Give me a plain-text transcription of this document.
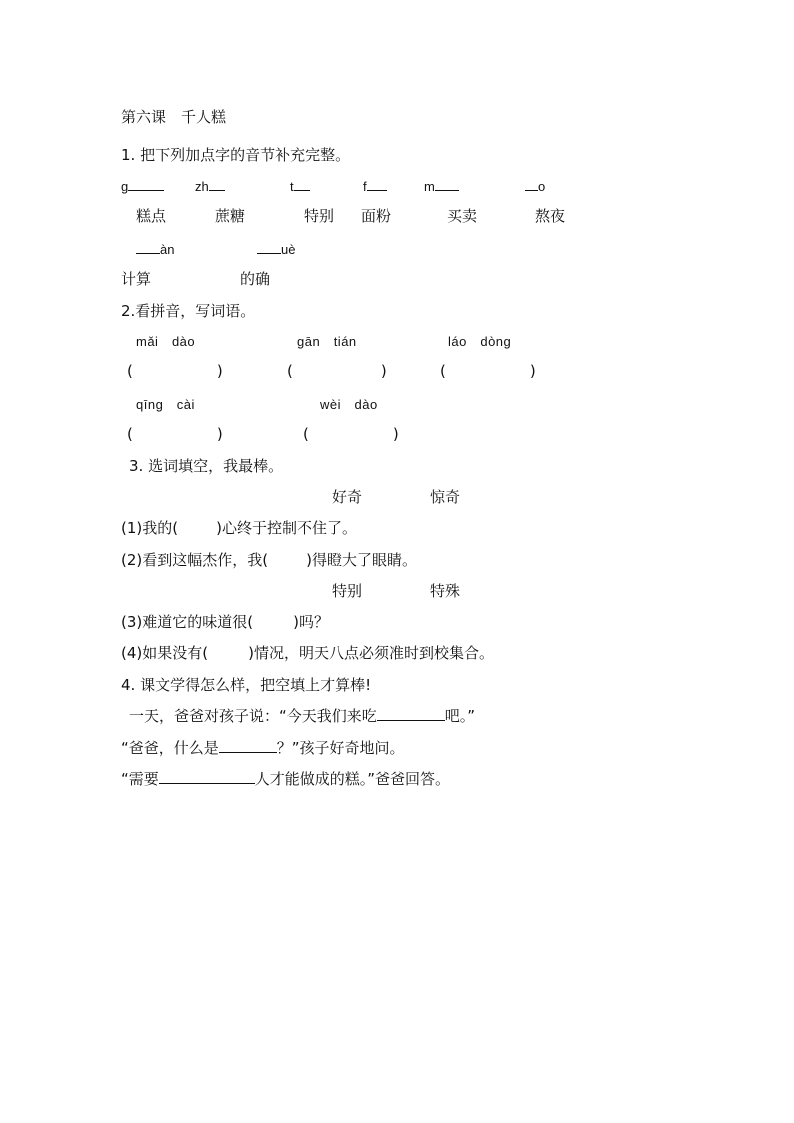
第六课　千人糕
1. 把下列加点字的音节补充完整。
g	zh	t	f	m	o
糕点	蔗糖	特别 面粉	买卖	熬夜
àn	uè
计算	的确
2.看拼音，写词语。
mǎi　dào	gān　tián	láo　dòng
(	)	(	)	(	)
qīng　cài	wèi　dào
(	)	(	)
3. 选词填空，我最棒。
好奇	惊奇
(1)我的(	)心终于控制不住了。
(2)看到这幅杰作，我(	)得瞪大了眼睛。
特别	特殊
(3)难道它的味道很(	)吗？
(4)如果没有(	)情况，明天八点必须准时到校集合。
4. 课文学得怎么样，把空填上才算棒!
一天，爸爸对孩子说：“今天我们来吃	吧。”
“爸爸，什么是	？”孩子好奇地问。
“需要	人才能做成的糕。”爸爸回答。
